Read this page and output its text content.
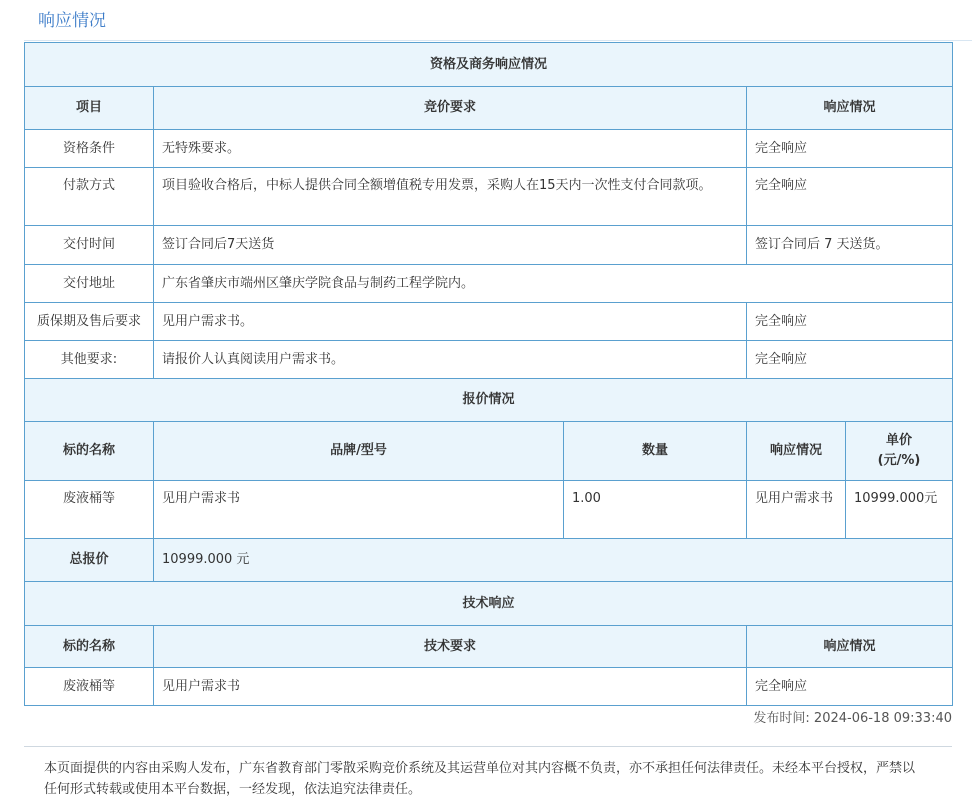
响应情况
资格及商务响应情况				
项目	竞价要求		响应情况	
资格条件	无特殊要求。		完全响应	
付款方式	项目验收合格后，中标人提供合同全额增值税专用发票，采购人在15天内一次性支付合同款项。		完全响应	
交付时间	签订合同后7天送货		签订合同后 7 天送货。	
交付地址	广东省肇庆市端州区肇庆学院食品与制药工程学院内。			
质保期及售后要求	见用户需求书。		完全响应	
其他要求:	请报价人认真阅读用户需求书。		完全响应	
报价情况				
标的名称	品牌/型号	数量	响应情况	单价
(元/%)

废液桶等	见用户需求书	1.00	见用户需求书	10999.000元
总报价	10999.000 元			
技术响应				
标的名称	技术要求		响应情况	
废液桶等	见用户需求书		完全响应	
发布时间: 2024-06-18 09:33:40
本页面提供的内容由采购人发布，广东省教育部门零散采购竞价系统及其运营单位对其内容概不负责，亦不承担任何法律责任。未经本平台授权，严禁以任何形式转载或使用本平台数据，一经发现，依法追究法律责任。
